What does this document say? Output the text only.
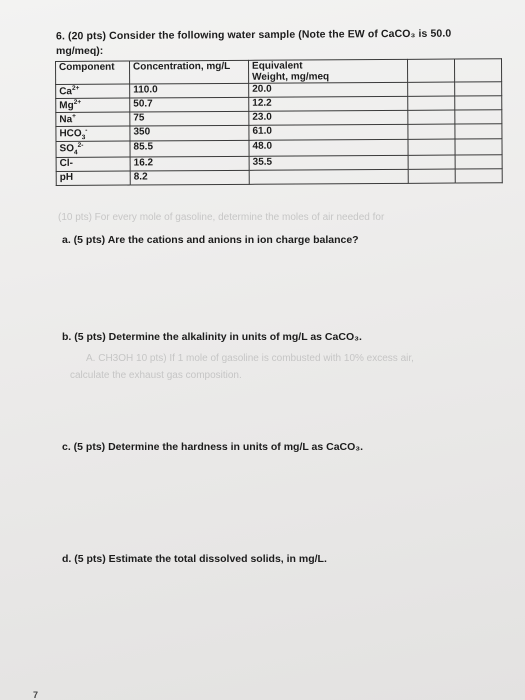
6. (20 pts) Consider the following water sample (Note the EW of CaCO₃ is 50.0
mg/meq):
Component	Concentration, mg/L	Equivalent
Weight, mg/meq		
$Ca^{2+}$	110.0	20.0		
$Mg^{2+}$	50.7	12.2		
Na+	75	23.0		
$HCO_3^-$	350	61.0		
$SO_4^{2-}$	85.5	48.0		
Cl-	16.2	35.5		
pH	8.2			
(10 pts) For every mole of gasoline, determine the moles of air needed for
a. (5 pts) Are the cations and anions in ion charge balance?
b. (5 pts) Determine the alkalinity in units of mg/L as CaCO₃.
A. CH3OH 10 pts) If 1 mole of gasoline is combusted with 10% excess air,
calculate the exhaust gas composition.
c. (5 pts) Determine the hardness in units of mg/L as CaCO₃.
d. (5 pts) Estimate the total dissolved solids, in mg/L.
7
